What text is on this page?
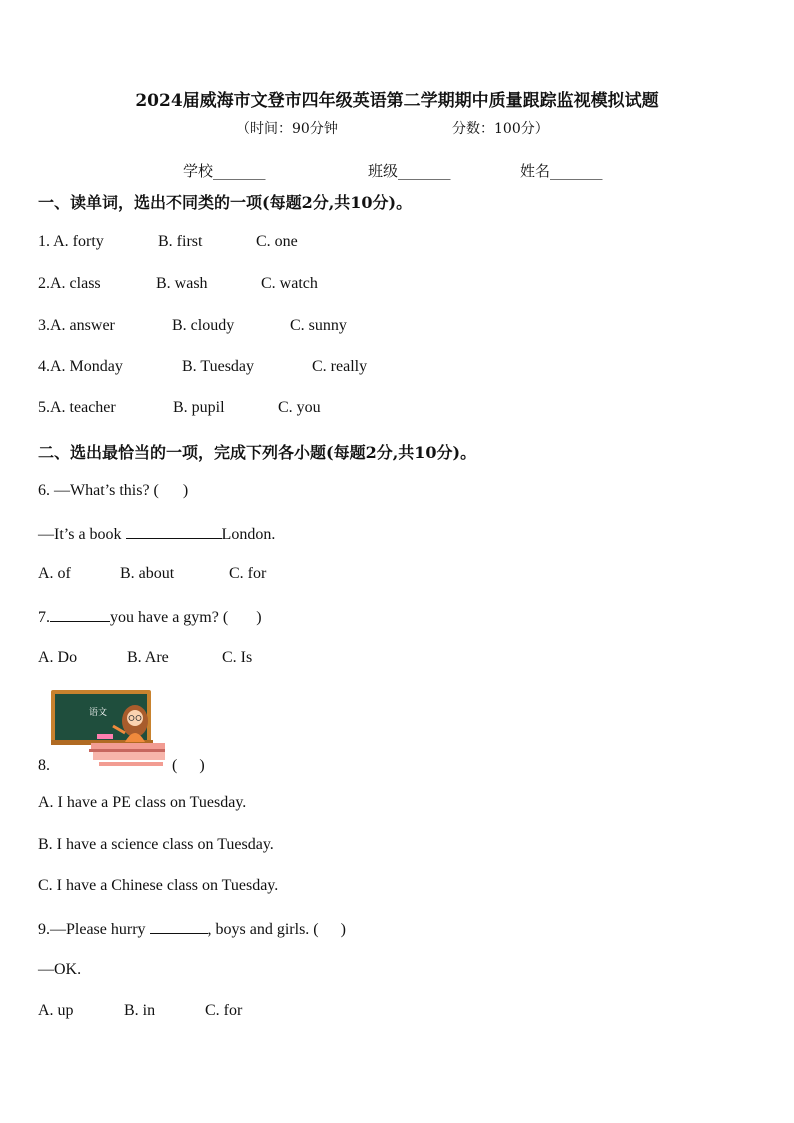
2024届威海市文登市四年级英语第二学期期中质量跟踪监视模拟试题
（时间：90分钟	分数：100分）
学校_______	班级_______	姓名_______
一、读单词，选出不同类的一项(每题2分,共10分)。
1. A. forty	B. first	C. one
2.A. class	B. wash	C. watch
3.A. answer	B. cloudy	C. sunny
4.A. Monday	B. Tuesday	C. really
5.A. teacher	B. pupil	C. you
二、选出最恰当的一项，完成下列各小题(每题2分,共10分)。
6. —What’s this? ( )
—It’s a book	London.
A. of	B. about	C. for
7.	you have a gym? ( )
A. Do	B. Are	C. Is
语文
8.	( )
A. I have a PE class on Tuesday.
B. I have a science class on Tuesday.
C. I have a Chinese class on Tuesday.
9.—Please hurry	, boys and girls. ( )
—OK.
A. up	B. in	C. for
